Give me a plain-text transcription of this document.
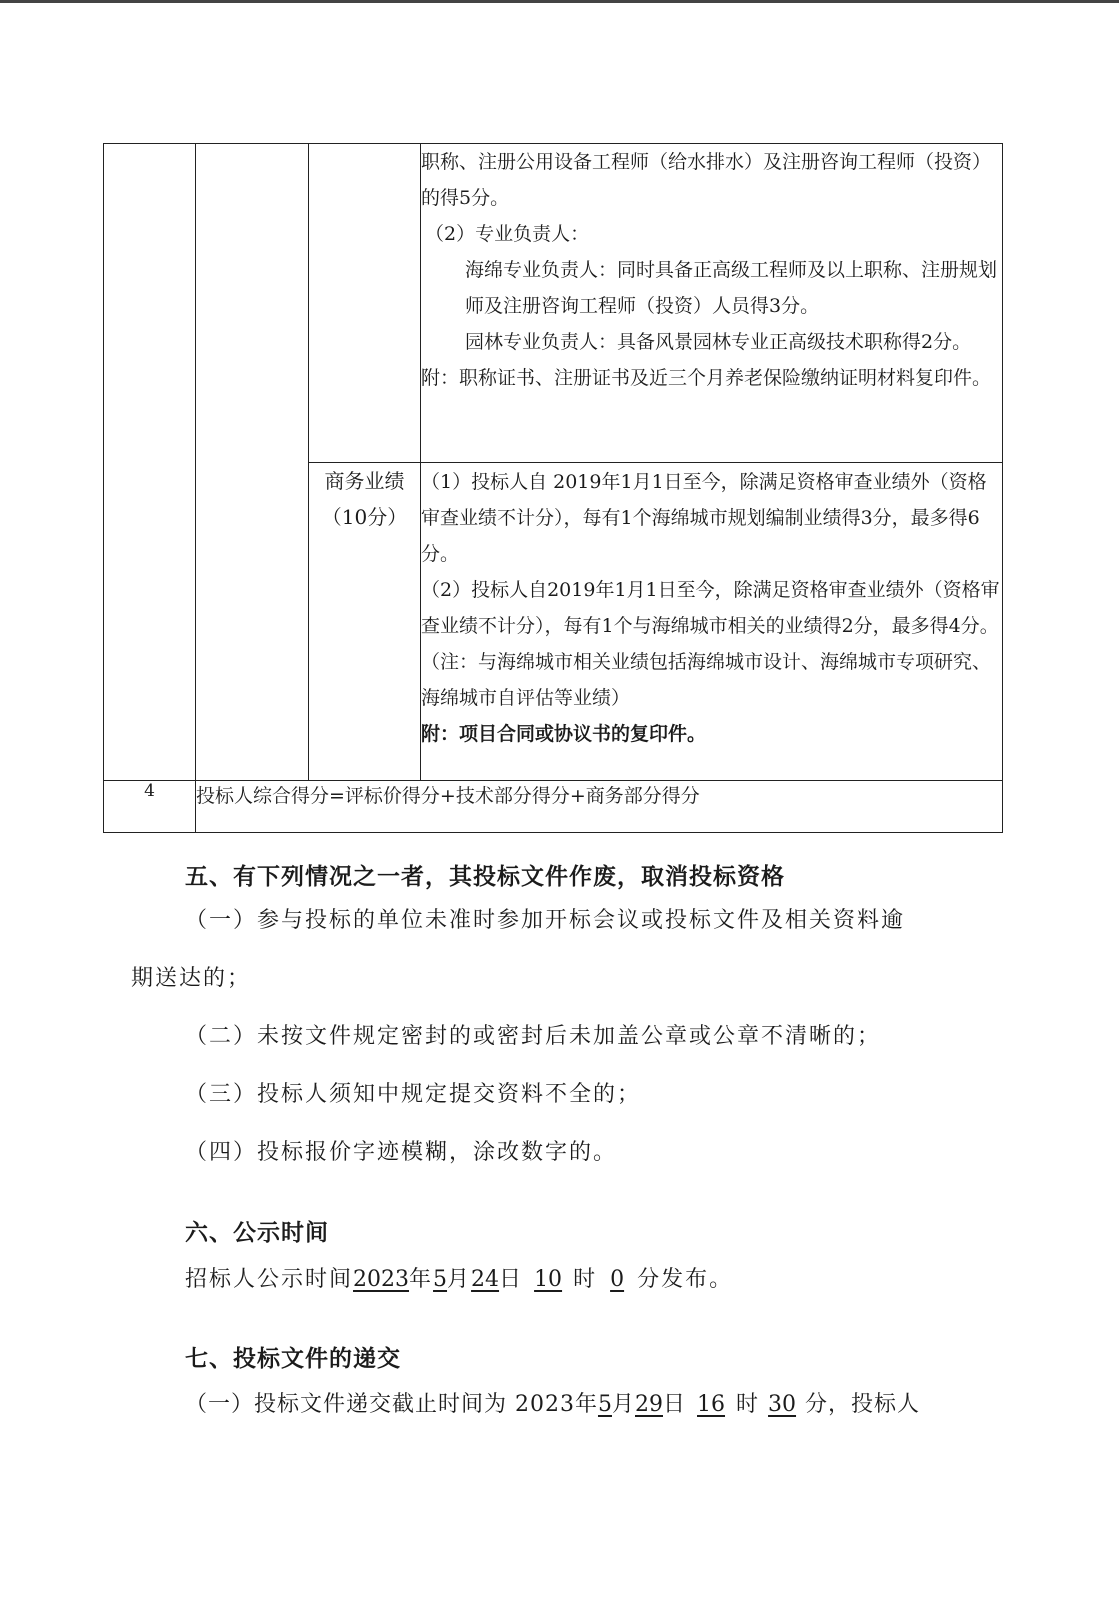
			职称、注册公用设备工程师（给水排水）及注册咨询工程师（投资）的得5分。
（2）专业负责人：
海绵专业负责人：同时具备正高级工程师及以上职称、注册规划师及注册咨询工程师（投资）人员得3分。
园林专业负责人：具备风景园林专业正高级技术职称得2分。
附：职称证书、注册证书及近三个月养老保险缴纳证明材料复印件。

		商务业绩
（10分）	（1）投标人自 2019年1月1日至今，除满足资格审查业绩外（资格审查业绩不计分），每有1个海绵城市规划编制业绩得3分，最多得6分。
（2）投标人自2019年1月1日至今，除满足资格审查业绩外（资格审查业绩不计分），每有1个与海绵城市相关的业绩得2分，最多得4分。（注：与海绵城市相关业绩包括海绵城市设计、海绵城市专项研究、海绵城市自评估等业绩）
附：项目合同或协议书的复印件。

4	投标人综合得分=评标价得分+技术部分得分+商务部分得分		
五、有下列情况之一者，其投标文件作废，取消投标资格
（一）参与投标的单位未准时参加开标会议或投标文件及相关资料逾
期送达的；
（二）未按文件规定密封的或密封后未加盖公章或公章不清晰的；
（三）投标人须知中规定提交资料不全的；
（四）投标报价字迹模糊，涂改数字的。
六、公示时间
招标人公示时间2023年5月24日 10 时 0 分发布。
七、投标文件的递交
（一）投标文件递交截止时间为 2023年5月29日 16 时 30 分，投标人
